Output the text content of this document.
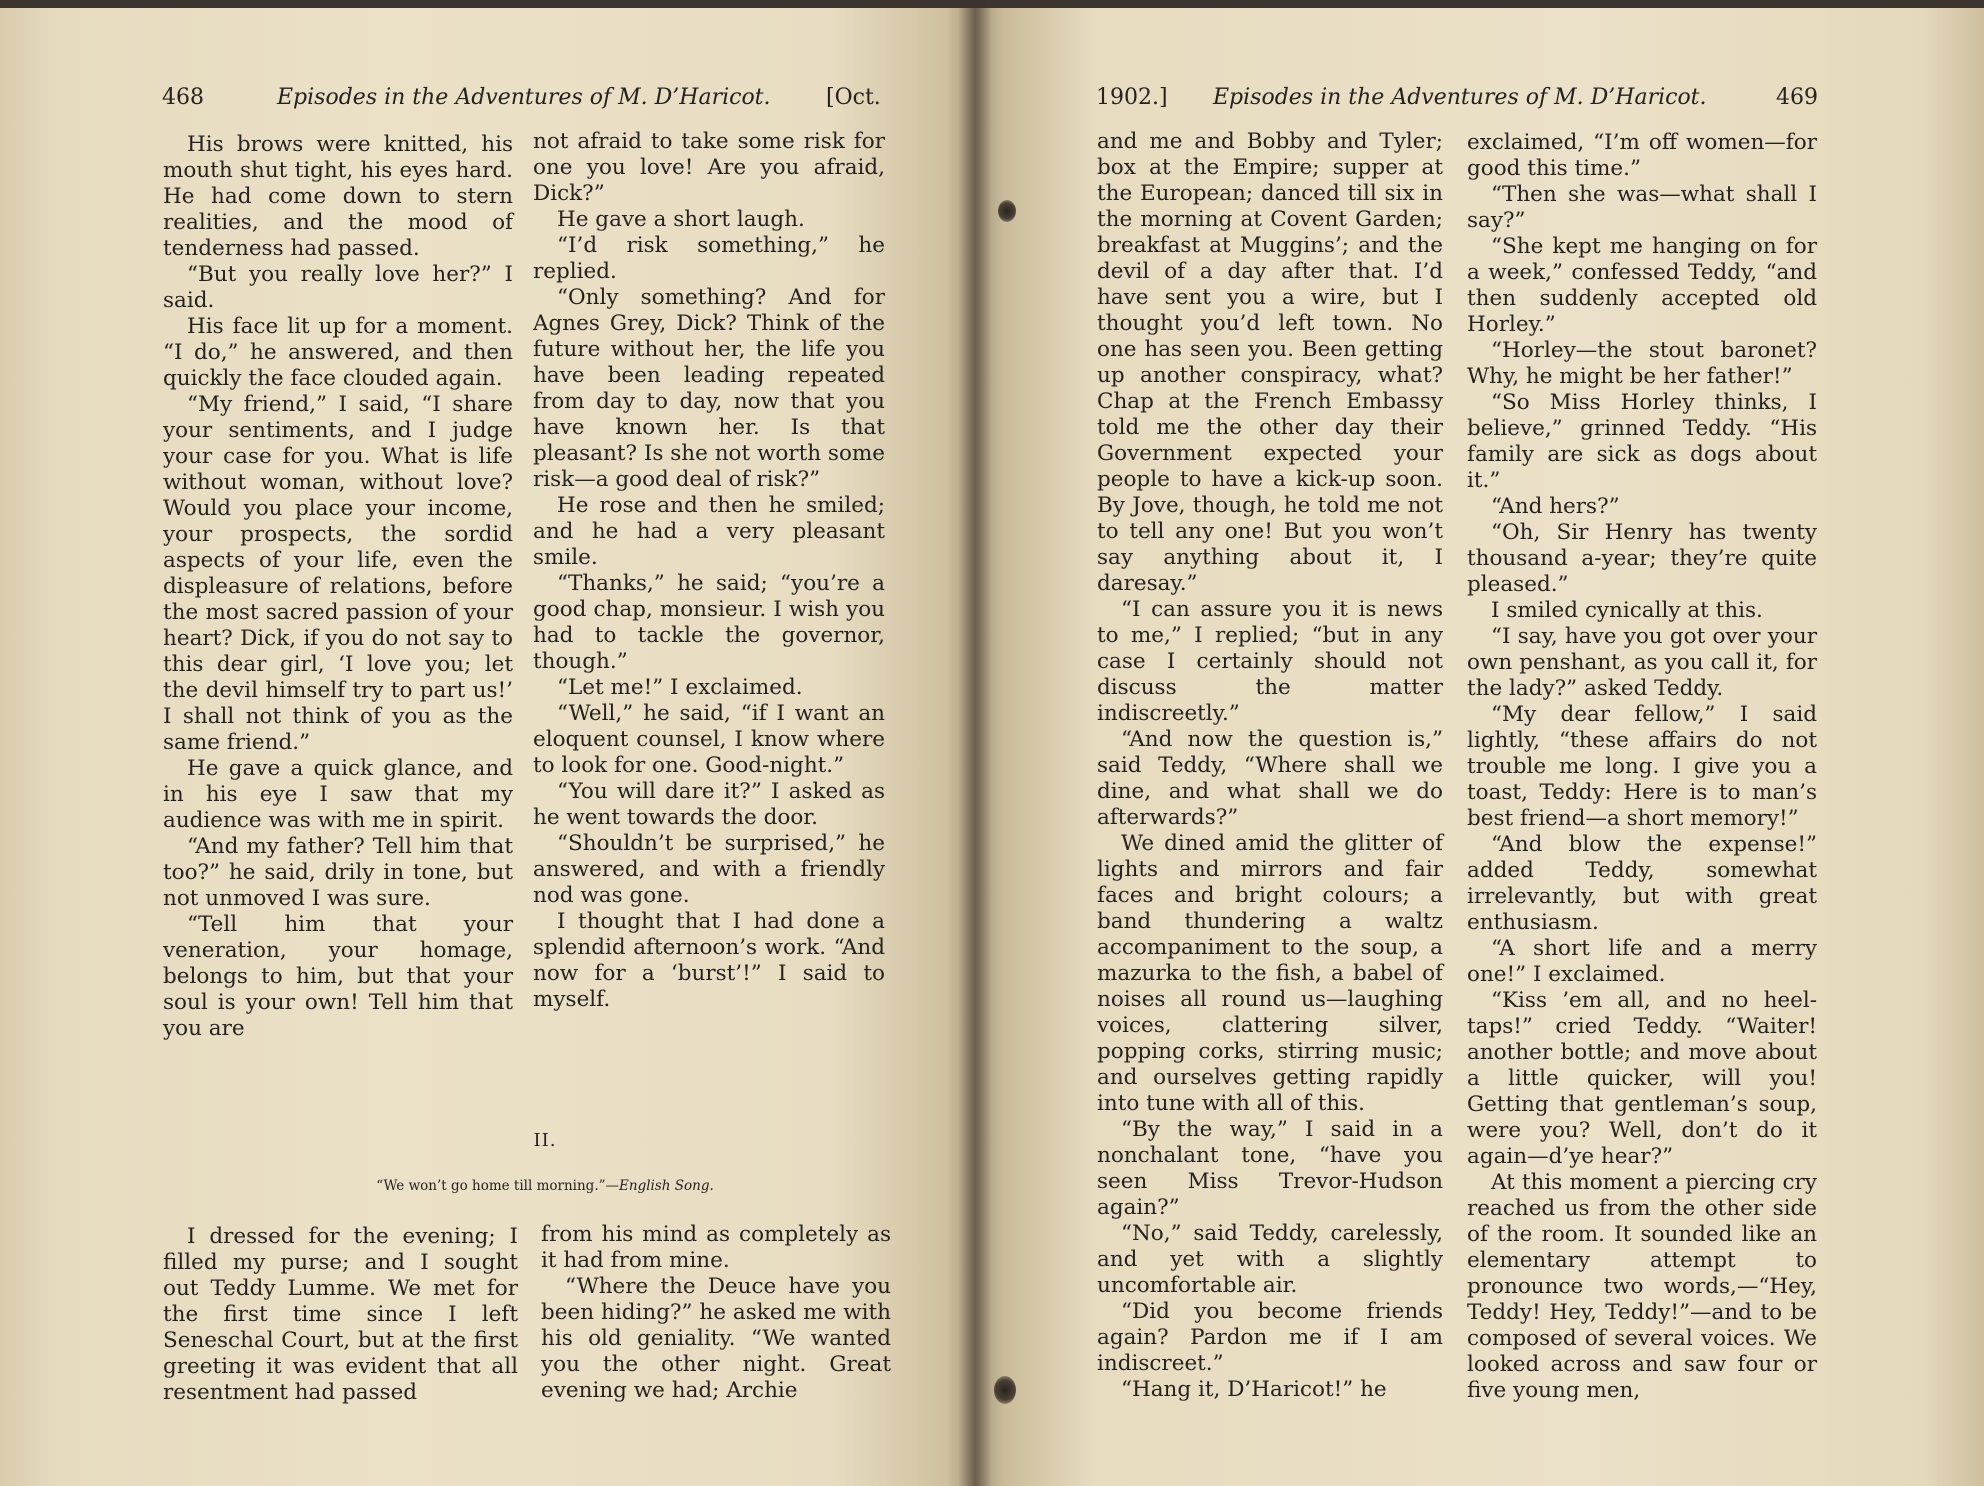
468	Episodes in the Adventures of M. D’Haricot.	[Oct.

His brows were knitted, his mouth shut tight, his eyes hard. He had come down to stern realities, and the mood of tenderness had passed.

“But you really love her?” I said.

His face lit up for a moment. “I do,” he answered, and then quickly the face clouded again.

“My friend,” I said, “I share your sentiments, and I judge your case for you. What is life without woman, without love? Would you place your income, your prospects, the sordid aspects of your life, even the displeasure of relations, before the most sacred passion of your heart? Dick, if you do not say to this dear girl, ‘I love you; let the devil himself try to part us!’ I shall not think of you as the same friend.”

He gave a quick glance, and in his eye I saw that my audience was with me in spirit.

“And my father? Tell him that too?” he said, drily in tone, but not unmoved I was sure.

“Tell him that your veneration, your homage, belongs to him, but that your soul is your own! Tell him that you are

not afraid to take some risk for one you love! Are you afraid, Dick?”

He gave a short laugh.

“I’d risk something,” he replied.

“Only something? And for Agnes Grey, Dick? Think of the future without her, the life you have been leading repeated from day to day, now that you have known her. Is that pleasant? Is she not worth some risk—a good deal of risk?”

He rose and then he smiled; and he had a very pleasant smile.

“Thanks,” he said; “you’re a good chap, monsieur. I wish you had to tackle the governor, though.”

“Let me!” I exclaimed.

“Well,” he said, “if I want an eloquent counsel, I know where to look for one. Good-night.”

“You will dare it?” I asked as he went towards the door.

“Shouldn’t be surprised,” he answered, and with a friendly nod was gone.

I thought that I had done a splendid afternoon’s work. “And now for a ‘burst’!” I said to myself.

II.
“We won’t go home till morning.”—English Song.

I dressed for the evening; I filled my purse; and I sought out Teddy Lumme. We met for the first time since I left Seneschal Court, but at the first greeting it was evident that all resentment had passed

from his mind as completely as it had from mine.

“Where the Deuce have you been hiding?” he asked me with his old geniality. “We wanted you the other night. Great evening we had; Archie

1902.] Episodes in the Adventures of M. D’Haricot.	469

and me and Bobby and Tyler; box at the Empire; supper at the European; danced till six in the morning at Covent Garden; breakfast at Muggins’; and the devil of a day after that. I’d have sent you a wire, but I thought you’d left town. No one has seen you. Been getting up another conspiracy, what? Chap at the French Embassy told me the other day their Government expected your people to have a kick-up soon. By Jove, though, he told me not to tell any one! But you won’t say anything about it, I daresay.”

“I can assure you it is news to me,” I replied; “but in any case I certainly should not discuss the matter indiscreetly.”

“And now the question is,” said Teddy, “Where shall we dine, and what shall we do afterwards?”

We dined amid the glitter of lights and mirrors and fair faces and bright colours; a band thundering a waltz accompaniment to the soup, a mazurka to the fish, a babel of noises all round us—laughing voices, clattering silver, popping corks, stirring music; and ourselves getting rapidly into tune with all of this.

“By the way,” I said in a nonchalant tone, “have you seen Miss Trevor-Hudson again?”

“No,” said Teddy, carelessly, and yet with a slightly uncomfortable air.

“Did you become friends again? Pardon me if I am indiscreet.”

“Hang it, D’Haricot!” he

exclaimed, “I’m off women—for good this time.”

“Then she was—what shall I say?”

“She kept me hanging on for a week,” confessed Teddy, “and then suddenly accepted old Horley.”

“Horley—the stout baronet? Why, he might be her father!”

“So Miss Horley thinks, I believe,” grinned Teddy. “His family are sick as dogs about it.”

“And hers?”

“Oh, Sir Henry has twenty thousand a-year; they’re quite pleased.”

I smiled cynically at this.

“I say, have you got over your own penshant, as you call it, for the lady?” asked Teddy.

“My dear fellow,” I said lightly, “these affairs do not trouble me long. I give you a toast, Teddy: Here is to man’s best friend—a short memory!”

“And blow the expense!” added Teddy, somewhat irrelevantly, but with great enthusiasm.

“A short life and a merry one!” I exclaimed.

“Kiss ’em all, and no heel-taps!” cried Teddy. “Waiter! another bottle; and move about a little quicker, will you! Getting that gentleman’s soup, were you? Well, don’t do it again—d’ye hear?”

At this moment a piercing cry reached us from the other side of the room. It sounded like an elementary attempt to pronounce two words,—“Hey, Teddy! Hey, Teddy!”—and to be composed of several voices. We looked across and saw four or five young men,
